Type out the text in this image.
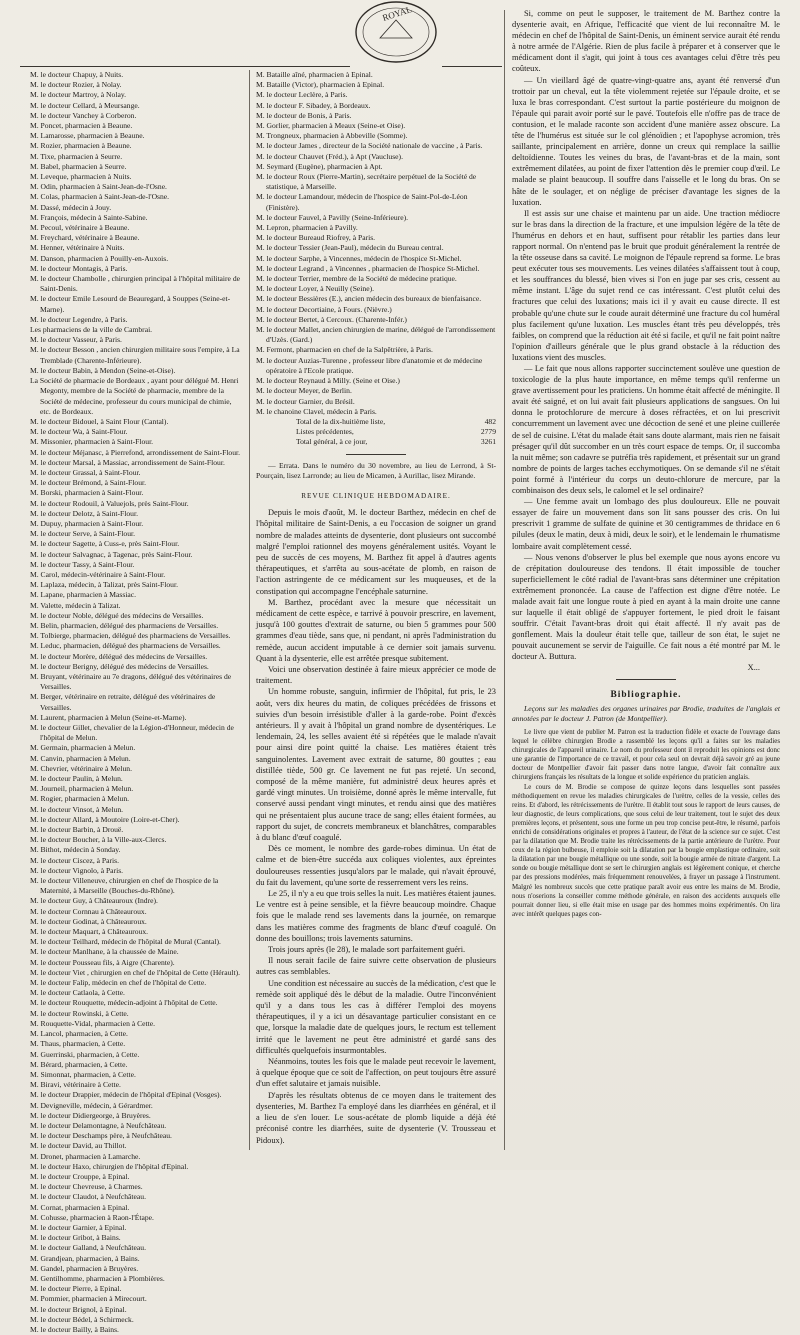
ROYAL
M. le docteur Chapuy, à Nuits.
M. le docteur Rozier, à Nolay.
M. le docteur Martroy, à Nolay.
M. le docteur Cellard, à Meursange.
M. le docteur Vanchey à Corberon.
M. Poncet, pharmacien à Beaune.
M. Lamarosse, pharmacien à Beaune.
M. Rozier, pharmacien à Beaune.
M. Tixe, pharmacien à Seurre.
M. Babel, pharmacien à Seurre.
M. Leveque, pharmacien à Nuits.
M. Odin, pharmacien à Saint-Jean-de-l'Osne.
M. Colas, pharmacien à Saint-Jean-de-l'Osne.
M. Dassé, médecin à Jouy.
M. François, médecin à Sainte-Sabine.
M. Pecoul, vétérinaire à Beaune.
M. Freychard, vétérinaire à Beaune.
M. Henner, vétérinaire à Nuits.
M. Danson, pharmacien à Pouilly-en-Auxois.
M. le docteur Montagis, à Paris.
M. le docteur Chambolle , chirurgien principal à l'hôpital militaire de Saint-Denis.
M. le docteur Emile Lesourd de Beauregard, à Souppes (Seine-et-Marne).
M. le docteur Legendre, à Paris.
Les pharmaciens de la ville de Cambrai.
M. le docteur Vasseur, à Paris.
M. le docteur Besson , ancien chirurgien militaire sous l'empire, à La Tremblade (Charente-Inférieure).
M. le docteur Babin, à Mendon (Seine-et-Oise).
La Société de pharmacie de Bordeaux , ayant pour délégué M. Henri Megonty, membre de la Société de pharmacie, membre de la Société de médecine, professeur du cours municipal de chimie, etc. de Bordeaux.
M. le docteur Bidouel, à Saint Flour (Cantal).
M. le docteur Wa, à Saint-Flour.
M. Missonier, pharmacien à Saint-Flour.
M. le docteur Méjanasc, à Pierrefond, arrondissement de Saint-Flour.
M. le docteur Marsal, à Massiac, arrondissement de Saint-Flour.
M. le docteur Grassal, à Saint-Flour.
M. le docteur Brémond, à Saint-Flour.
M. Borski, pharmacien à Saint-Flour.
M. le docteur Rodouil, à Valuejols, près Saint-Flour.
M. le docteur Delotz, à Saint-Flour.
M. Dupuy, pharmacien à Saint-Flour.
M. le docteur Serve, à Saint-Flour.
M. le docteur Sagette, à Cuss-e, près Saint-Flour.
M. le docteur Salvagnac, à Tagenac, près Saint-Flour.
M. le docteur Tassy, à Saint-Flour.
M. Carol, médecin-vétérinaire à Saint-Flour.
M. Laplaza, médecin, à Talizat, près Saint-Flour.
M. Lapane, pharmacien à Massiac.
M. Valette, médecin à Talizat.
M. le docteur Noble, délégué des médecins de Versailles.
M. Belin, pharmacien, délégué des pharmaciens de Versailles.
M. Tolbierge, pharmacien, délégué des pharmaciens de Versailles.
M. Leduc, pharmacien, délégué des pharmaciens de Versailles.
M. le docteur Morère, délégué des médecins de Versailles.
M. le docteur Berigny, délégué des médecins de Versailles.
M. Bruyant, vétérinaire au 7e dragons, délégué des vétérinaires de Versailles.
M. Berger, vétérinaire en retraite, délégué des vétérinaires de Versailles.
M. Laurent, pharmacien à Melun (Seine-et-Marne).
M. le docteur Gillet, chevalier de la Légion-d'Honneur, médecin de l'hôpital de Melun.
M. Germain, pharmacien à Melun.
M. Canvin, pharmacien à Melun.
M. Chevrier, vétérinaire à Melun.
M. le docteur Paulin, à Melun.
M. Journeil, pharmacien à Melun.
M. Rogier, pharmacien à Melun.
M. le docteur Vinsot, à Melun.
M. le docteur Allard, à Moutoire (Loire-et-Cher).
M. le docteur Barbin, à Drouë.
M. le docteur Boucher, à la Ville-aux-Clercs.
M. Bithot, médecin à Sonday.
M. le docteur Ciscez, à Paris.
M. le docteur Vignolo, à Paris.
M. le docteur Villeneuve, chirurgien en chef de l'hospice de la Maternité, à Marseille (Bouches-du-Rhône).
M. le docteur Guy, à Châteauroux (Indre).
M. le docteur Cornnau à Châteauroux.
M. le docteur Godinat, à Châteauroux.
M. le docteur Maquart, à Châteauroux.
M. le docteur Teilhard, médecin de l'hôpital de Mural (Cantal).
M. le docteur Manlhane, à la chaussée de Maine.
M. le docteur Pousseau fils, à Aigre (Charente).
M. le docteur Viet , chirurgien en chef de l'hôpital de Cette (Hérault).
M. le docteur Falip, médecin en chef de l'hôpital de Cette.
M. le docteur Catlaola, à Cette.
M. le docteur Rouquette, médecin-adjoint à l'hôpital de Cette.
M. le docteur Rowinski, à Cette.
M. Rouquette-Vidal, pharmacien à Cette.
M. Lancol, pharmacien, à Cette.
M. Thaus, pharmacien, à Cette.
M. Guerrinski, pharmacien, à Cette.
M. Bérard, pharmacien, à Cette.
M. Simonnat, pharmacien, à Cette.
M. Biravi, vétérinaire à Cette.
M. le docteur Drappier, médecin de l'hôpital d'Epinal (Vosges).
M. Devigneville, médecin, à Gérardmer.
M. le docteur Didiergeorge, à Bruyères.
M. le docteur Delamontagne, à Neufchâteau.
M. le docteur Deschamps père, à Neufchâteau.
M. le docteur David, au Thillot.
M. Dronet, pharmacien à Lamarche.
M. le docteur Haxo, chirurgien de l'hôpital d'Epinal.
M. le docteur Crouppe, à Epinal.
M. le docteur Chevreuse, à Charmes.
M. le docteur Claudot, à Neufchâteau.
M. Cornat, pharmacien à Epinal.
M. Cohusse, pharmacien à Raon-l'Étape.
M. le docteur Garnier, à Epinal.
M. le docteur Gribot, à Bains.
M. le docteur Galland, à Neufchâteau.
M. Grandjean, pharmacien, à Bains.
M. Gandel, pharmacien à Bruyères.
M. Gentilhomme, pharmacien à Plombières.
M. le docteur Pierre, à Epinal.
M. Pommier, pharmacien à Mirecourt.
M. le docteur Brignol, à Epinal.
M. le docteur Bédel, à Schirmeck.
M. le docteur Bailly, à Bains.
M. Bataille aîné, pharmacien à Epinal.
M. Bataille (Victor), pharmacien à Epinal.
M. le docteur Leclère, à Paris.
M. le docteur F. Sibadey, à Bordeaux.
M. le docteur de Bonis, à Paris.
M. Gorlier, pharmacien à Meaux (Seine-et Oise).
M. Trongneux, pharmacien à Abbeville (Somme).
M. le docteur James , directeur de la Société nationale de vaccine , à Paris.
M. le docteur Chauvet (Fréd.), à Apt (Vaucluse).
M. Seymard (Eugène), pharmacien à Apt.
M. le docteur Roux (Pierre-Martin), secrétaire perpétuel de la Société de statistique, à Marseille.
M. le docteur Lamandour, médecin de l'hospice de Saint-Pol-de-Léon (Finistère).
M. le docteur Fauvel, à Pavilly (Seine-Inférieure).
M. Lepron, pharmacien à Pavilly.
M. le docteur Bureaud Riofrey, à Paris.
M. le docteur Tessier (Jean-Paul), médecin du Bureau central.
M. le docteur Sarphe, à Vincennes, médecin de l'hospice St-Michel.
M. le docteur Legrand , à Vincennes , pharmacien de l'hospice St-Michel.
M. le docteur Terrier, membre de la Société de médecine pratique.
M. le docteur Loyer, à Neuilly (Seine).
M. le docteur Bessières (E.), ancien médecin des bureaux de bienfaisance.
M. le docteur Decortiaine, à Fours. (Nièvre.)
M. le docteur Bertet, à Cercoux. (Charente-Infér.)
M. le docteur Mallet, ancien chirurgien de marine, délégué de l'arrondissement d'Uzès. (Gard.)
M. Fermont, pharmacien en chef de la Salpêtrière, à Paris.
M. le docteur Auzias-Turenne , professeur libre d'anatomie et de médecine opératoire à l'Ecole pratique.
M. le docteur Reynaud à Milly. (Seine et Oise.)
M. le docteur Meyer, de Berlin.
M. le docteur Garnier, du Brésil.
M. le chanoine Clavel, médecin à Paris.
Total de la dix-huitième liste,	482
Listes précédentes,	2779
Total général, à ce jour,	3261
— Errata. Dans le numéro du 30 novembre, au lieu de Lerrond, à St-Pourçain, lisez Larronde; au lieu de Micamen, à Aurillac, lisez Mirande.
REVUE CLINIQUE HEBDOMADAIRE.

Depuis le mois d'août, M. le docteur Barthez, médecin en chef de l'hôpital militaire de Saint-Denis, a eu l'occasion de soigner un grand nombre de malades atteints de dysenterie, dont plusieurs ont succombé malgré l'emploi rationnel des moyens généralement usités. Voyant le peu de succès de ces moyens, M. Barthez fit appel à d'autres agents thérapeutiques, et s'arrêta au sous-acétate de plomb, en raison de l'action astringente de ce médicament sur les muqueuses, et de la constipation qui accompagne l'encéphale saturnine.

M. Barthez, procédant avec la mesure que nécessitait un médicament de cette espèce, e tarrivé à pouvoir prescrire, en lavement, jusqu'à 100 gouttes d'extrait de saturne, ou bien 5 grammes pour 500 grammes d'eau tiède, sans que, ni pendant, ni après l'administration du remède, aucun accident imputable à ce dernier soit jamais survenu. Quant à la dysenterie, elle est arrêtée presque subitement.

Voici une observation destinée à faire mieux apprécier ce mode de traitement.

Un homme robuste, sanguin, infirmier de l'hôpital, fut pris, le 23 août, vers dix heures du matin, de coliques précédées de frissons et suivies d'un besoin irrésistible d'aller à la garde-robe. Point d'excès antérieurs. Il y avait à l'hôpital un grand nombre de dysentériques. Le lendemain, 24, les selles avaient été si répétées que le malade n'avait pour ainsi dire point quitté la chaise. Les matières étaient très sanguinolentes. Lavement avec extrait de saturne, 80 gouttes ; eau distillée tiède, 500 gr. Ce lavement ne fut pas rejeté. Un second, composé de la même manière, fut administré deux heures après et gardé vingt minutes. Un troisième, donné après le même intervalle, fut conservé aussi pendant vingt minutes, et rendu ainsi que des matières qui ne présentaient plus aucune trace de sang; elles étaient formées, au rapport du sujet, de concrets membraneux et blanchâtres, comparables à du blanc d'œuf coagulé.

Dès ce moment, le nombre des garde-robes diminua. Un état de calme et de bien-être succéda aux coliques violentes, aux épreintes douloureuses ressenties jusqu'alors par le malade, qui n'avait éprouvé, du fait du lavement, qu'une sorte de resserrement vers les reins.

Le 25, il n'y a eu que trois selles la nuit. Les matières étaient jaunes. Le ventre est à peine sensible, et la fièvre beaucoup moindre. Chaque fois que le malade rend ses lavements dans la journée, on remarque dans les matières comme des fragments de blanc d'œuf coagulé. On donne des bouillons; trois lavements saturnins.

Trois jours après (le 28), le malade sort parfaitement guéri.

Il nous serait facile de faire suivre cette observation de plusieurs autres cas semblables.

Une condition est nécessaire au succès de la médication, c'est que le remède soit appliqué dès le début de la maladie. Outre l'inconvénient qu'il y a dans tous les cas à différer l'emploi des moyens thérapeutiques, il y a ici un désavantage particulier consistant en ce que, lorsque la maladie date de quelques jours, le rectum est tellement irrité que le lavement ne peut être administré et gardé sans des difficultés quelquefois insurmontables.

Néanmoins, toutes les fois que le malade peut recevoir le lavement, à quelque époque que ce soit de l'affection, on peut toujours être assuré d'un effet salutaire et jamais nuisible.

D'après les résultats obtenus de ce moyen dans le traitement des dysenteries, M. Barthez l'a employé dans les diarrhées en général, et il a lieu de s'en louer. Le sous-acétate de plomb liquide a déjà été préconisé contre les diarrhées, suite de dysenterie (V. Trousseau et Pidoux).

Si, comme on peut le supposer, le traitement de M. Barthez contre la dysenterie avait, en Afrique, l'efficacité que vient de lui reconnaître M. le médecin en chef de l'hôpital de Saint-Denis, un éminent service aurait été rendu à notre armée de l'Algérie. Rien de plus facile à préparer et à conserver que le médicament dont il s'agit, qui joint à tous ces avantages celui d'être très peu coûteux.

— Un vieillard âgé de quatre-vingt-quatre ans, ayant été renversé d'un trottoir par un cheval, eut la tête violemment rejetée sur l'épaule droite, et se luxa le bras correspondant. C'est surtout la partie postérieure du moignon de l'épaule qui parait avoir porté sur le pavé. Toutefois elle n'offre pas de trace de contusion, et le malade raconte son accident d'une manière assez obscure. La tête de l'humérus est située sur le col glénoïdien ; et l'apophyse acromion, très saillante, principalement en arrière, donne un creux qui remplace la saillie deltoïdienne. Toutes les veines du bras, de l'avant-bras et de la main, sont extrêmement dilatées, au point de fixer l'attention dès le premier coup d'œil. Le malade se plaint beaucoup. Il souffre dans l'aisselle et le long du bras. On se hâte de le soulager, et on néglige de préciser d'avantage les signes de la luxation.

Il est assis sur une chaise et maintenu par un aide. Une traction médiocre sur le bras dans la direction de la fracture, et une impulsion légère de la tête de l'humérus en dehors et en haut, suffisent pour rétablir les parties dans leur rapport normal. On n'entend pas le bruit que produit généralement la rentrée de la tête osseuse dans sa cavité. Le moignon de l'épaule reprend sa forme. Le bras peut exécuter tous ses mouvements. Les veines dilatées s'affaissent tout à coup, et les souffrances du blessé, bien vives si l'on en juge par ses cris, cessent au même instant. L'âge du sujet rend ce cas intéressant. C'est plutôt celui des fractures que celui des luxations; mais ici il y avait eu cause directe. Il est probable qu'une chute sur le coude aurait déterminé une fracture du col huméral plus facilement qu'une luxation. Les muscles étant très peu développés, très faibles, on comprend que la réduction ait été si facile, et qu'il ne fait point naître l'opinion d'ailleurs générale que le plus grand obstacle à la réduction des luxations vient des muscles.

— Le fait que nous allons rapporter succinctement soulève une question de toxicologie de la plus haute importance, en même temps qu'il renferme un grave avertissement pour les praticiens. Un homme était affecté de méningite. Il avait été saigné, et on lui avait fait plusieurs applications de sangsues. On lui donna le protochlorure de mercure à doses réfractées, et on lui prescrivit concurremment un lavement avec une décoction de sené et une pleine cuillerée de sel de cuisine. L'état du malade était sans doute alarmant, mais rien ne faisait présager qu'il dût succomber en un très court espace de temps. Or, il succomba la nuit même; son cadavre se putréfia très rapidement, et présentait sur un grand nombre de points de larges taches ecchymotiques. On se demande s'il ne s'était point formé à l'intérieur du corps un deuto-chlorure de mercure, par la combinaison des deux sels, le calomel et le sel ordinaire?

— Une femme avait un lombago des plus douloureux. Elle ne pouvait essayer de faire un mouvement dans son lit sans pousser des cris. On lui prescrivit 1 gramme de sulfate de quinine et 30 centigrammes de thridace en 6 pilules (deux le matin, deux à midi, deux le soir), et le lendemain le rhumatisme lombaire avait complètement cessé.

— Nous venons d'observer le plus bel exemple que nous ayons encore vu de crépitation douloureuse des tendons. Il était impossible de toucher superficiellement le côté radial de l'avant-bras sans déterminer une crépitation extrêmement prononcée. La cause de l'affection est digne d'être notée. Le malade avait fait une longue route à pied en ayant à la main droite une canne sur laquelle il était obligé de s'appuyer fortement, le pied droit le faisant souffrir. C'était l'avant-bras droit qui était affecté. Il n'y avait pas de gonflement. Mais la douleur était telle que, tailleur de son état, le sujet ne pouvait aucunement se servir de l'aiguille. Ce fait nous a été montré par M. le docteur A. Buttura.

X...
Bibliographie.

Leçons sur les maladies des organes urinaires par Brodie, traduites de l'anglais et annotées par le docteur J. Patron (de Montpellier).

Le livre que vient de publier M. Patron est la traduction fidèle et exacte de l'ouvrage dans lequel le célèbre chirurgien Brodie a rassemblé les leçons qu'il a faites sur les maladies chirurgicales de l'appareil urinaire. Le nom du professeur dont il reproduit les opinions est donc une garantie de l'importance de ce travail, et pour cela seul on devrait déjà savoir gré au jeune docteur de Montpellier d'avoir fait passer dans notre langue, d'avoir fait connaître aux chirurgiens français les résultats de la longue et solide expérience du praticien anglais.

Le cours de M. Brodie se compose de quinze leçons dans lesquelles sont passées méthodiquement en revue les maladies chirurgicales de l'urètre, celles de la vessie, celles des reins. Et d'abord, les rétrécissements de l'urètre. Il établit tout sous le rapport de leurs causes, de leur diagnostic, de leurs complications, que sous celui de leur traitement, tout le sujet des deux premières leçons, et présentent, sous une forme un peu trop concise peut-être, le résumé, parfois enrichi de considérations originales et propres à l'auteur, de l'état de la science sur ce sujet. C'est par la dilatation que M. Brodie traite les rétrécissements de la partie antérieure de l'urètre. Pour ceux de la région bulbeuse, il emploie soit la dilatation par la bougie emplastique ordinaire, soit la dilatation par une bougie métallique ou une sonde, soit la bougie armée de nitrate d'argent. La sonde ou bougie métallique dont se sert le chirurgien anglais est légèrement conique, et cherche par des pressions modérées, mais fréquemment renouvelées, à frayer un passage à l'instrument. Malgré les nombreux succès que cette pratique paraît avoir eus entre les mains de M. Brodie, nous n'oserions la conseiller comme méthode générale, en raison des accidents auxquels elle pourrait donner lieu, si elle était mise en usage par des hommes moins expérimentés. On lira avec intérêt quelques pages con-
